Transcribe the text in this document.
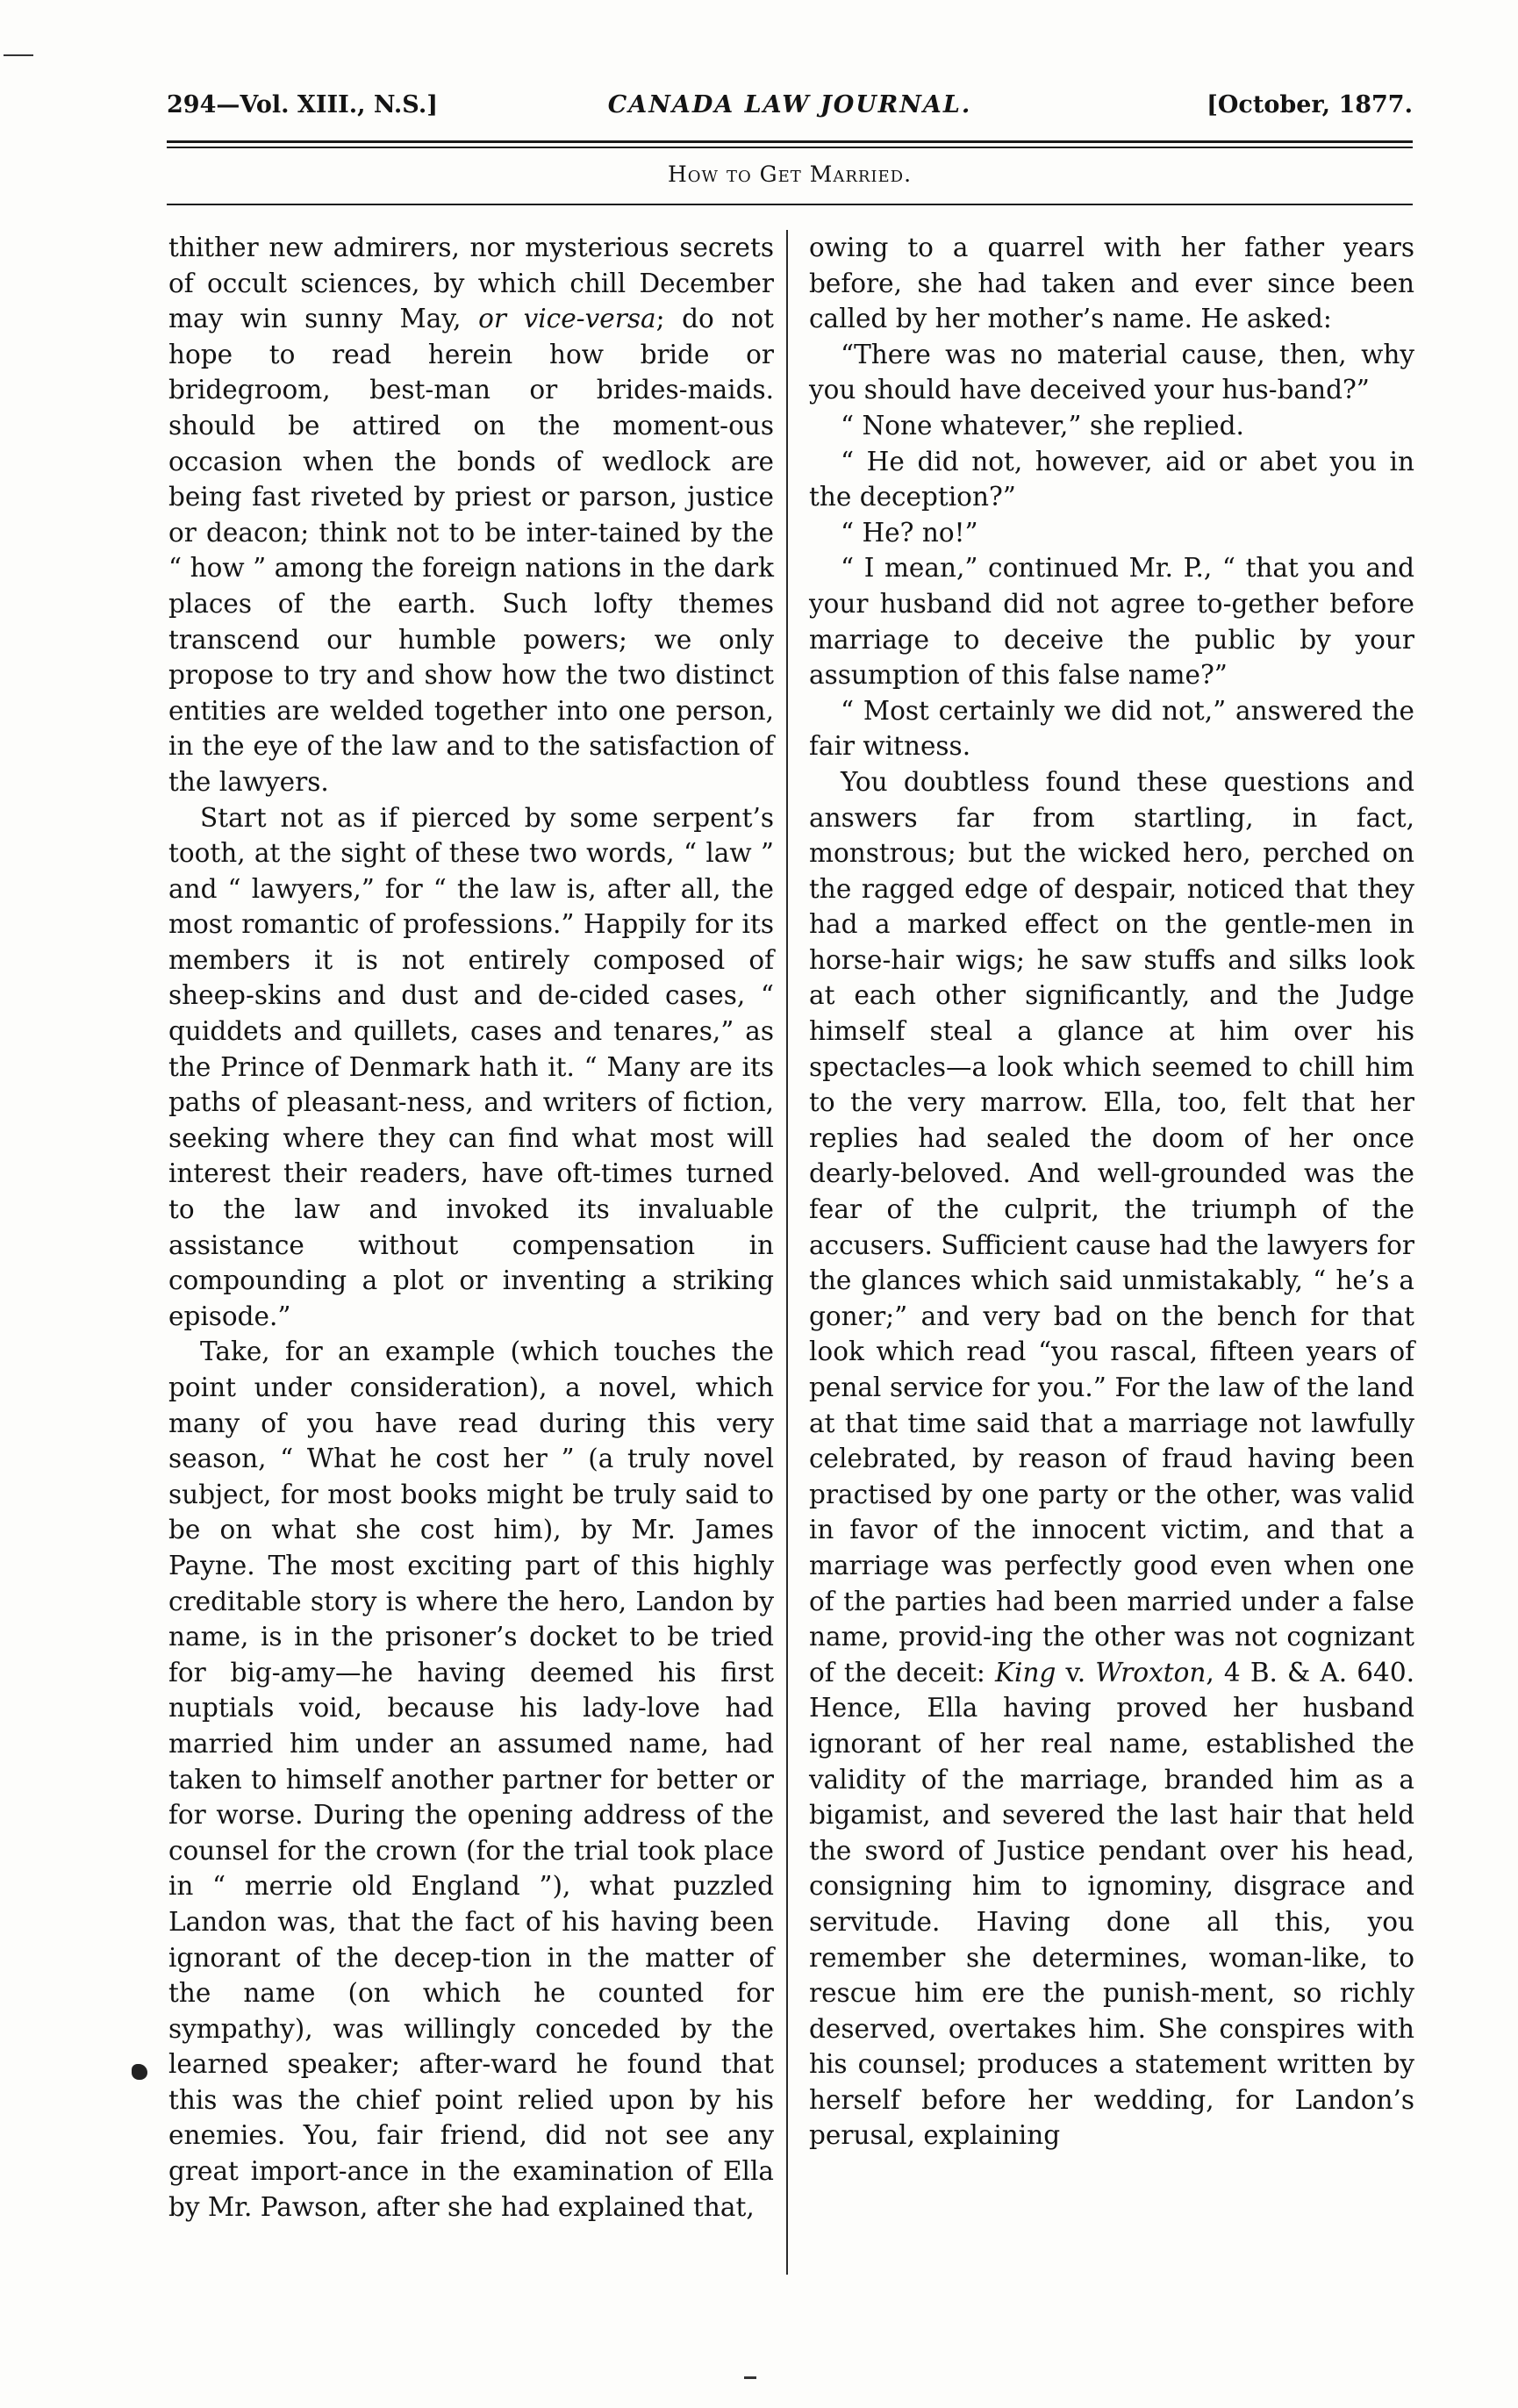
294—Vol. XIII., N.S.]	CANADA LAW JOURNAL.	[October, 1877.
How to Get Married.

thither new admirers, nor mysterious secrets of occult sciences, by which chill December may win sunny May, or vice-versa; do not hope to read herein how bride or bridegroom, best-man or brides-maids. should be attired on the moment-ous occasion when the bonds of wedlock are being fast riveted by priest or parson, justice or deacon; think not to be inter-tained by the “ how ” among the foreign nations in the dark places of the earth. Such lofty themes transcend our humble powers; we only propose to try and show how the two distinct entities are welded together into one person, in the eye of the law and to the satisfaction of the lawyers.

Start not as if pierced by some serpent’s tooth, at the sight of these two words, “ law ” and “ lawyers,” for “ the law is, after all, the most romantic of professions.” Happily for its members it is not entirely composed of sheep-skins and dust and de-cided cases, “ quiddets and quillets, cases and tenares,” as the Prince of Denmark hath it. “ Many are its paths of pleasant-ness, and writers of fiction, seeking where they can find what most will interest their readers, have oft-times turned to the law and invoked its invaluable assistance without compensation in compounding a plot or inventing a striking episode.”

Take, for an example (which touches the point under consideration), a novel, which many of you have read during this very season, “ What he cost her ” (a truly novel subject, for most books might be truly said to be on what she cost him), by Mr. James Payne. The most exciting part of this highly creditable story is where the hero, Landon by name, is in the prisoner’s docket to be tried for big-amy—he having deemed his first nuptials void, because his lady-love had married him under an assumed name, had taken to himself another partner for better or for worse. During the opening address of the counsel for the crown (for the trial took place in “ merrie old England ”), what puzzled Landon was, that the fact of his having been ignorant of the decep-tion in the matter of the name (on which he counted for sympathy), was willingly conceded by the learned speaker; after-ward he found that this was the chief point relied upon by his enemies. You, fair friend, did not see any great import-ance in the examination of Ella by Mr. Pawson, after she had explained that,

owing to a quarrel with her father years before, she had taken and ever since been called by her mother’s name. He asked:

“There was no material cause, then, why you should have deceived your hus-band?”

“ None whatever,” she replied.

“ He did not, however, aid or abet you in the deception?”

“ He? no!”

“ I mean,” continued Mr. P., “ that you and your husband did not agree to-gether before marriage to deceive the public by your assumption of this false name?”

“ Most certainly we did not,” answered the fair witness.

You doubtless found these questions and answers far from startling, in fact, monstrous; but the wicked hero, perched on the ragged edge of despair, noticed that they had a marked effect on the gentle-men in horse-hair wigs; he saw stuffs and silks look at each other significantly, and the Judge himself steal a glance at him over his spectacles—a look which seemed to chill him to the very marrow. Ella, too, felt that her replies had sealed the doom of her once dearly-beloved. And well-grounded was the fear of the culprit, the triumph of the accusers. Sufficient cause had the lawyers for the glances which said unmistakably, “ he’s a goner;” and very bad on the bench for that look which read “you rascal, fifteen years of penal service for you.” For the law of the land at that time said that a marriage not lawfully celebrated, by reason of fraud having been practised by one party or the other, was valid in favor of the innocent victim, and that a marriage was perfectly good even when one of the parties had been married under a false name, provid-ing the other was not cognizant of the deceit: King v. Wroxton, 4 B. & A. 640. Hence, Ella having proved her husband ignorant of her real name, established the validity of the marriage, branded him as a bigamist, and severed the last hair that held the sword of Justice pendant over his head, consigning him to ignominy, disgrace and servitude. Having done all this, you remember she determines, woman-like, to rescue him ere the punish-ment, so richly deserved, overtakes him. She conspires with his counsel; produces a statement written by herself before her wedding, for Landon’s perusal, explaining
